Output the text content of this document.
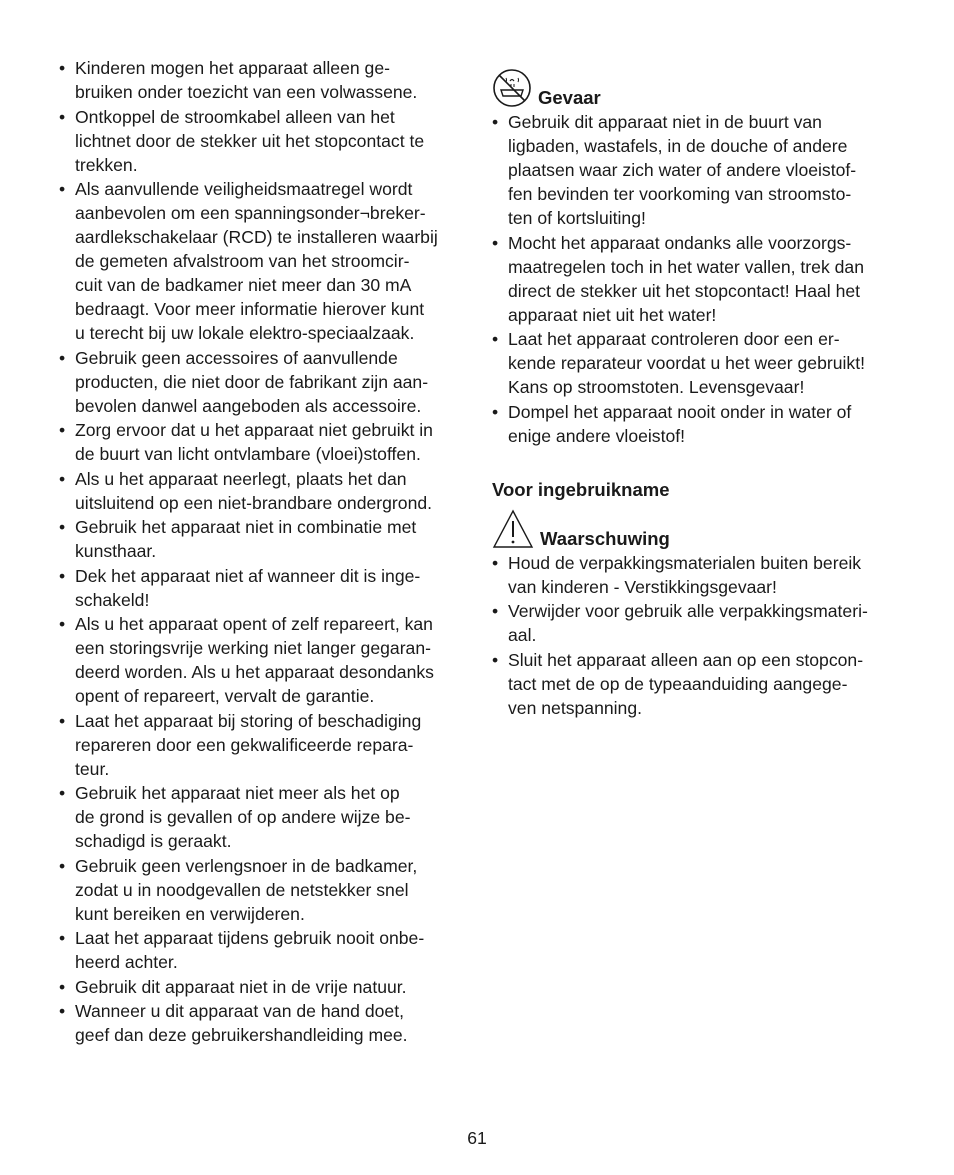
• Kinderen mogen het apparaat alleen ge-
bruiken onder toezicht van een volwassene.
• Ontkoppel de stroomkabel alleen van het
lichtnet door de stekker uit het stopcontact te
trekken.
• Als aanvullende veiligheidsmaatregel wordt
aanbevolen om een spanningsonder¬breker-
aardlekschakelaar (RCD) te installeren waarbij
de gemeten afvalstroom van het stroomcir-
cuit van de badkamer niet meer dan 30 mA
bedraagt. Voor meer informatie hierover kunt
u terecht bij uw lokale elektro-speciaalzaak.
• Gebruik geen accessoires of aanvullende
producten, die niet door de fabrikant zijn aan-
bevolen danwel aangeboden als accessoire.
• Zorg ervoor dat u het apparaat niet gebruikt in
de buurt van licht ontvlambare (vloei)stoffen.
• Als u het apparaat neerlegt, plaats het dan
uitsluitend op een niet-brandbare ondergrond.
• Gebruik het apparaat niet in combinatie met
kunsthaar.
• Dek het apparaat niet af wanneer dit is inge-
schakeld!
• Als u het apparaat opent of zelf repareert, kan
een storingsvrije werking niet langer gegaran-
deerd worden. Als u het apparaat desondanks
opent of repareert, vervalt de garantie.
• Laat het apparaat bij storing of beschadiging
repareren door een gekwalificeerde repara-
teur.
• Gebruik het apparaat niet meer als het op
de grond is gevallen of op andere wijze be-
schadigd is geraakt.
• Gebruik geen verlengsnoer in de badkamer,
zodat u in noodgevallen de netstekker snel
kunt bereiken en verwijderen.
• Laat het apparaat tijdens gebruik nooit onbe-
heerd achter.
• Gebruik dit apparaat niet in de vrije natuur.
• Wanneer u dit apparaat van de hand doet,
geef dan deze gebruikershandleiding mee.
Gevaar
• Gebruik dit apparaat niet in de buurt van
ligbaden, wastafels, in de douche of andere
plaatsen waar zich water of andere vloeistof-
fen bevinden ter voorkoming van stroomsto-
ten of kortsluiting!
• Mocht het apparaat ondanks alle voorzorgs-
maatregelen toch in het water vallen, trek dan
direct de stekker uit het stopcontact! Haal het
apparaat niet uit het water!
• Laat het apparaat controleren door een er-
kende reparateur voordat u het weer gebruikt!
Kans op stroomstoten. Levensgevaar!
• Dompel het apparaat nooit onder in water of
enige andere vloeistof!
Voor ingebruikname
Waarschuwing
• Houd de verpakkingsmaterialen buiten bereik
van kinderen - Verstikkingsgevaar!
• Verwijder voor gebruik alle verpakkingsmateri-
aal.
• Sluit het apparaat alleen aan op een stopcon-
tact met de op de typeaanduiding aangege-
ven netspanning.
61
